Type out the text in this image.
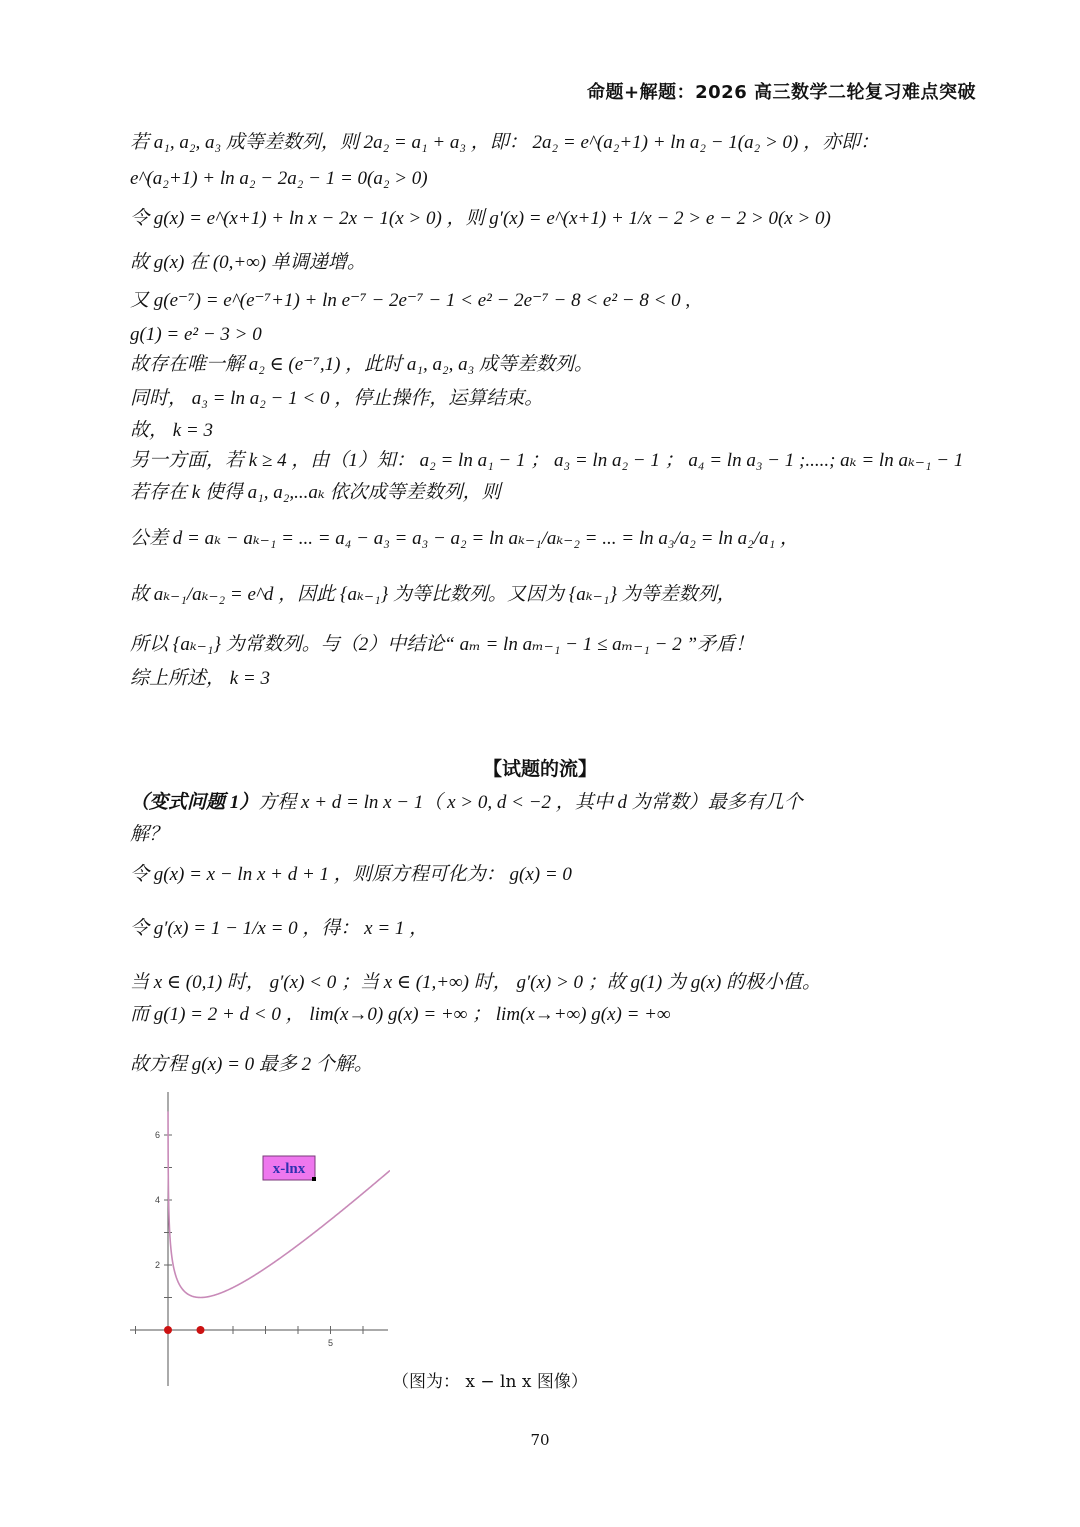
命题+解题：2026 高三数学二轮复习难点突破
若 a₁, a₂, a₃ 成等差数列，则 2a₂ = a₁ + a₃ ，即： 2a₂ = e^(a₂+1) + ln a₂ − 1(a₂ > 0) ，亦即：
e^(a₂+1) + ln a₂ − 2a₂ − 1 = 0(a₂ > 0)
令 g(x) = e^(x+1) + ln x − 2x − 1(x > 0) ，则 g′(x) = e^(x+1) + 1/x − 2 > e − 2 > 0(x > 0)
故 g(x) 在 (0,+∞) 单调递增。
又 g(e⁻⁷) = e^(e⁻⁷+1) + ln e⁻⁷ − 2e⁻⁷ − 1 < e² − 2e⁻⁷ − 8 < e² − 8 < 0 ,
g(1) = e² − 3 > 0
故存在唯一解 a₂ ∈ (e⁻⁷,1) ，此时 a₁, a₂, a₃ 成等差数列。
同时， a₃ = ln a₂ − 1 < 0 ，停止操作，运算结束。
故， k = 3
另一方面，若 k ≥ 4 ，由（1）知： a₂ = ln a₁ − 1 ； a₃ = ln a₂ − 1 ； a₄ = ln a₃ − 1 ;.....; aₖ = ln aₖ₋₁ − 1
若存在 k 使得 a₁, a₂,...aₖ 依次成等差数列，则
公差 d = aₖ − aₖ₋₁ = ... = a₄ − a₃ = a₃ − a₂ = ln aₖ₋₁/aₖ₋₂ = ... = ln a₃/a₂ = ln a₂/a₁ ，
故 aₖ₋₁/aₖ₋₂ = e^d ，因此 {aₖ₋₁} 为等比数列。又因为 {aₖ₋₁} 为等差数列，
所以 {aₖ₋₁} 为常数列。与（2）中结论“ aₘ = ln aₘ₋₁ − 1 ≤ aₘ₋₁ − 2 ”矛盾！
综上所述， k = 3
【试题的流】
（变式问题 1）方程 x + d = ln x − 1（ x > 0, d < −2 ，其中 d 为常数）最多有几个
解？
令 g(x) = x − ln x + d + 1 ，则原方程可化为： g(x) = 0
令 g′(x) = 1 − 1/x = 0 ，得： x = 1 ，
当 x ∈ (0,1) 时， g′(x) < 0 ；当 x ∈ (1,+∞) 时， g′(x) > 0 ；故 g(1) 为 g(x) 的极小值。
而 g(1) = 2 + d < 0 ， lim(x→0) g(x) = +∞ ； lim(x→+∞) g(x) = +∞
故方程 g(x) = 0 最多 2 个解。
5
2
4
6
x-lnx
（图为： x − ln x 图像）
70
